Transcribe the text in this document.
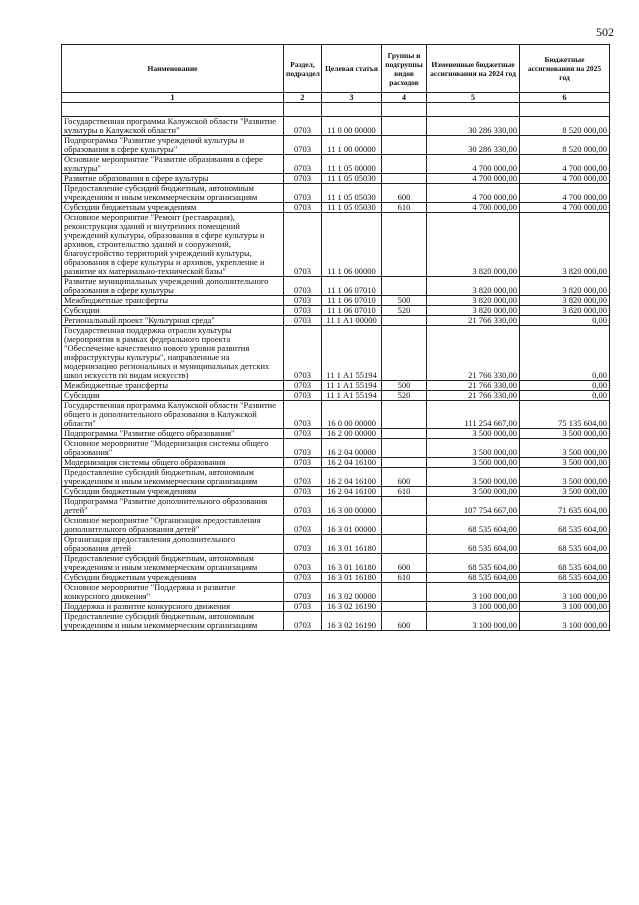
502
Наименование	Раздел, подраздел	Целевая статья	Группы и подгруппы видов расходов	Измененные бюджетные ассигнования на 2024 год	Бюджетные ассигнования на 2025 год
1	2	3	4	5	6

Государственная программа Калужской области "Развитие культуры в Калужской области"	0703	11 0 00 00000		30 286 330,00	8 520 000,00
Подпрограмма "Развитие учреждений культуры и образования в сфере культуры"	0703	11 1 00 00000		30 286 330,00	8 520 000,00
Основное мероприятие "Развитие образования в сфере культуры"	0703	11 1 05 00000		4 700 000,00	4 700 000,00
Развитие образования в сфере культуры	0703	11 1 05 05030		4 700 000,00	4 700 000,00
Предоставление субсидий бюджетным, автономным учреждениям и иным некоммерческим организациям	0703	11 1 05 05030	600	4 700 000,00	4 700 000,00
Субсидии бюджетным учреждениям	0703	11 1 05 05030	610	4 700 000,00	4 700 000,00
Основное мероприятие "Ремонт (реставрация), реконструкция зданий и внутренних помещений учреждений культуры, образования в сфере культуры и архивов, строительство зданий и сооружений, благоустройство территорий учреждений культуры, образования в сфере культуры и архивов, укрепление и развитие их материально-технической базы"	0703	11 1 06 00000		3 820 000,00	3 820 000,00
Развитие муниципальных учреждений дополнительного образования в сфере культуры	0703	11 1 06 07010		3 820 000,00	3 820 000,00
Межбюджетные трансферты	0703	11 1 06 07010	500	3 820 000,00	3 820 000,00
Субсидии	0703	11 1 06 07010	520	3 820 000,00	3 820 000,00
Региональный проект "Культурная среда"	0703	11 1 А1 00000		21 766 330,00	0,00
Государственная поддержка отрасли культуры (мероприятия в рамках федерального проекта "Обеспечение качественно нового уровня развития инфраструктуры культуры", направленные на модернизацию региональных и муниципальных детских школ искусств по видам искусств)	0703	11 1 А1 55194		21 766 330,00	0,00
Межбюджетные трансферты	0703	11 1 А1 55194	500	21 766 330,00	0,00
Субсидии	0703	11 1 А1 55194	520	21 766 330,00	0,00
Государственная программа Калужской области "Развитие общего и дополнительного образования в Калужской области"	0703	16 0 00 00000		111 254 667,00	75 135 604,00
Подпрограмма "Развитие общего образования"	0703	16 2 00 00000		3 500 000,00	3 500 000,00
Основное мероприятие "Модернизация системы общего образования"	0703	16 2 04 00000		3 500 000,00	3 500 000,00
Модернизация системы общего образования	0703	16 2 04 16100		3 500 000,00	3 500 000,00
Предоставление субсидий бюджетным, автономным учреждениям и иным некоммерческим организациям	0703	16 2 04 16100	600	3 500 000,00	3 500 000,00
Субсидии бюджетным учреждениям	0703	16 2 04 16100	610	3 500 000,00	3 500 000,00
Подпрограмма "Развитие дополнительного образования детей"	0703	16 3 00 00000		107 754 667,00	71 635 604,00
Основное мероприятие "Организация предоставления дополнительного образования детей"	0703	16 3 01 00000		68 535 604,00	68 535 604,00
Организация предоставления дополнительного образования детей	0703	16 3 01 16180		68 535 604,00	68 535 604,00
Предоставление субсидий бюджетным, автономным учреждениям и иным некоммерческим организациям	0703	16 3 01 16180	600	68 535 604,00	68 535 604,00
Субсидии бюджетным учреждениям	0703	16 3 01 16180	610	68 535 604,00	68 535 604,00
Основное мероприятие "Поддержка и развитие конкурсного движения"	0703	16 3 02 00000		3 100 000,00	3 100 000,00
Поддержка и развитие конкурсного движения	0703	16 3 02 16190		3 100 000,00	3 100 000,00
Предоставление субсидий бюджетным, автономным учреждениям и иным некоммерческим организациям	0703	16 3 02 16190	600	3 100 000,00	3 100 000,00
